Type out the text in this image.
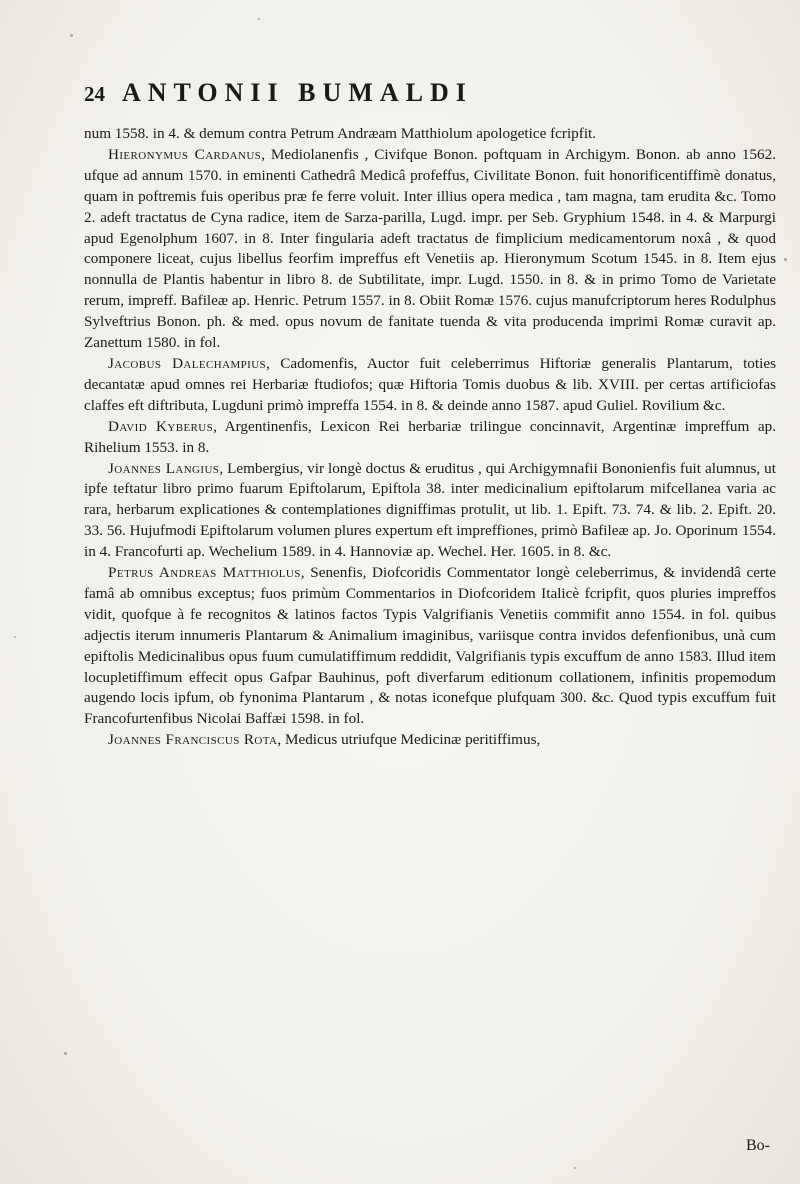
24 ANTONII BUMALDI

num 1558. in 4. & demum contra Petrum Andræam Matthiolum apologetice fcripfit.

Hieronymus Cardanus, Mediolanenfis , Civifque Bonon. poftquam in Archigym. Bonon. ab anno 1562. ufque ad annum 1570. in eminenti Cathedrâ Medicâ profeffus, Civilitate Bonon. fuit honorificentiffimè donatus, quam in poftremis fuis operibus præ fe ferre voluit. Inter illius opera medica , tam magna, tam erudita &c. Tomo 2. adeft tractatus de Cyna radice, item de Sarza-parilla, Lugd. impr. per Seb. Gryphium 1548. in 4. & Marpurgi apud Egenolphum 1607. in 8. Inter fingularia adeft tractatus de fimplicium medicamentorum noxâ , & quod componere liceat, cujus libellus feorfim impreffus eft Venetiis ap. Hieronymum Scotum 1545. in 8. Item ejus nonnulla de Plantis habentur in libro 8. de Subtilitate, impr. Lugd. 1550. in 8. & in primo Tomo de Varietate rerum, impreff. Bafileæ ap. Henric. Petrum 1557. in 8. Obiit Romæ 1576. cujus manufcriptorum heres Rodulphus Sylveftrius Bonon. ph. & med. opus novum de fanitate tuenda & vita producenda imprimi Romæ curavit ap. Zanettum 1580. in fol.

Jacobus Dalechampius, Cadomenfis, Auctor fuit celeberrimus Hiftoriæ generalis Plantarum, toties decantatæ apud omnes rei Herbariæ ftudiofos; quæ Hiftoria Tomis duobus & lib. XVIII. per certas artificiofas claffes eft diftributa, Lugduni primò impreffa 1554. in 8. & deinde anno 1587. apud Guliel. Rovilium &c.

David Kyberus, Argentinenfis, Lexicon Rei herbariæ trilingue concinnavit, Argentinæ impreffum ap. Rihelium 1553. in 8.

Joannes Langius, Lembergius, vir longè doctus & eruditus , qui Archigymnafii Bononienfis fuit alumnus, ut ipfe teftatur libro primo fuarum Epiftolarum, Epiftola 38. inter medicinalium epiftolarum mifcellanea varia ac rara, herbarum explicationes & contemplationes digniffimas protulit, ut lib. 1. Epift. 73. 74. & lib. 2. Epift. 20. 33. 56. Hujufmodi Epiftolarum volumen plures expertum eft impreffiones, primò Bafileæ ap. Jo. Oporinum 1554. in 4. Francofurti ap. Wechelium 1589. in 4. Hannoviæ ap. Wechel. Her. 1605. in 8. &c.

Petrus Andreas Matthiolus, Senenfis, Diofcoridis Commentator longè celeberrimus, & invidendâ certe famâ ab omnibus exceptus; fuos primùm Commentarios in Diofcoridem Italicè fcripfit, quos pluries impreffos vidit, quofque à fe recognitos & latinos factos Typis Valgrifianis Venetiis commifit anno 1554. in fol. quibus adjectis iterum innumeris Plantarum & Animalium imaginibus, variisque contra invidos defenfionibus, unà cum epiftolis Medicinalibus opus fuum cumulatiffimum reddidit, Valgrifianis typis excuffum de anno 1583. Illud item locupletiffimum effecit opus Gafpar Bauhinus, poft diverfarum editionum collationem, infinitis propemodum augendo locis ipfum, ob fynonima Plantarum , & notas iconefque plufquam 300. &c. Quod typis excuffum fuit Francofurtenfibus Nicolai Baffæi 1598. in fol.

Joannes Franciscus Rota, Medicus utriufque Medicinæ peritiffimus,

Bo-
